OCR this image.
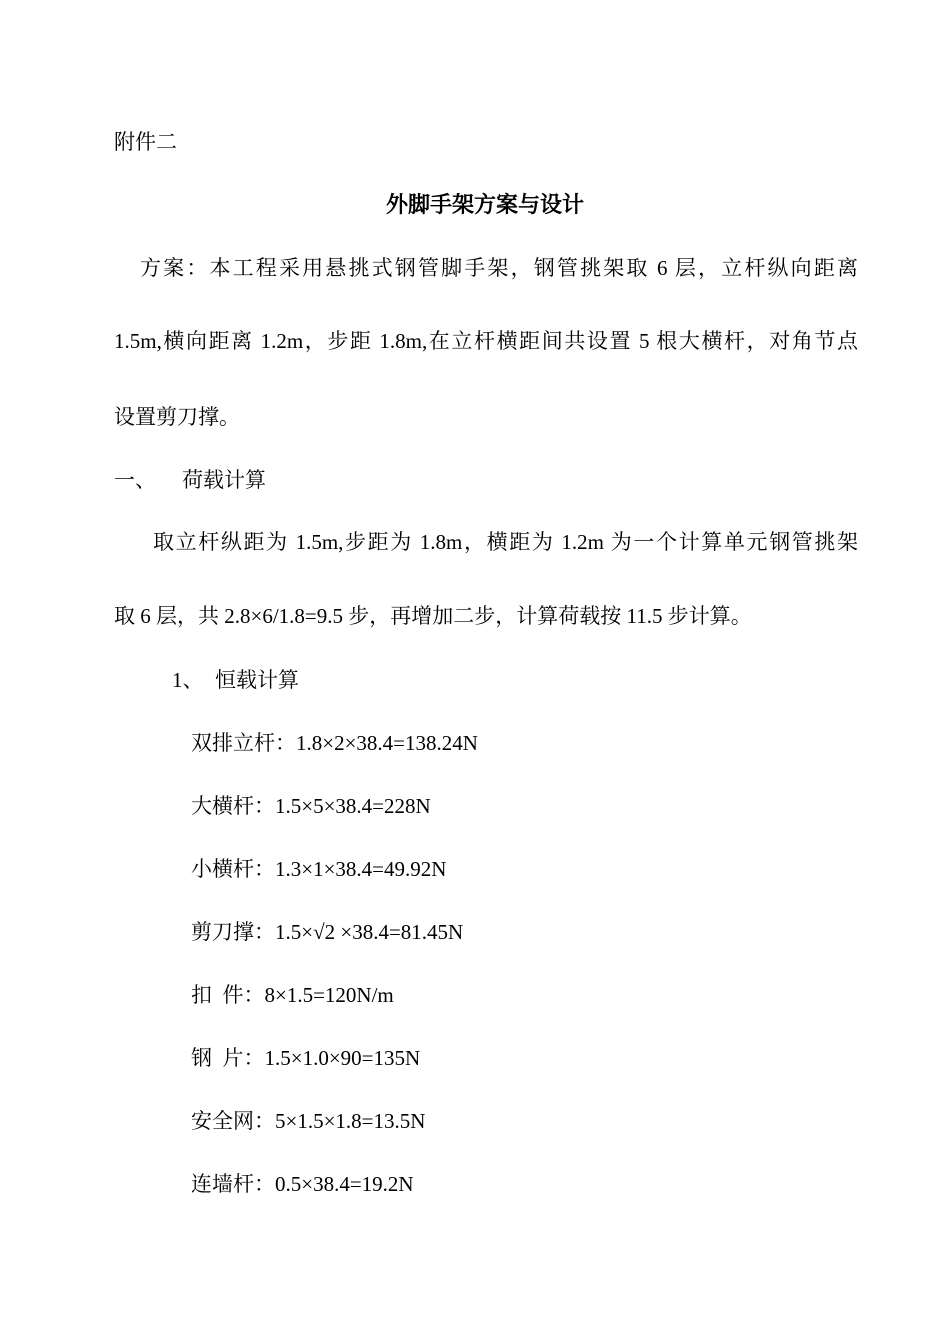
附件二
外脚手架方案与设计
方案：本工程采用悬挑式钢管脚手架，钢管挑架取 6 层，立杆纵向距离
1.5m,横向距离 1.2m，步距 1.8m,在立杆横距间共设置 5 根大横杆，对角节点
设置剪刀撑。
一、 荷载计算
取立杆纵距为 1.5m,步距为 1.8m，横距为 1.2m 为一个计算单元钢管挑架
取 6 层，共 2.8×6/1.8=9.5 步，再增加二步，计算荷载按 11.5 步计算。
1、 恒载计算
双排立杆：1.8×2×38.4=138.24N
大横杆：1.5×5×38.4=228N
小横杆：1.3×1×38.4=49.92N
剪刀撑：1.5×√2 ×38.4=81.45N
扣  件：8×1.5=120N/m
钢  片：1.5×1.0×90=135N
安全网：5×1.5×1.8=13.5N
连墙杆：0.5×38.4=19.2N
